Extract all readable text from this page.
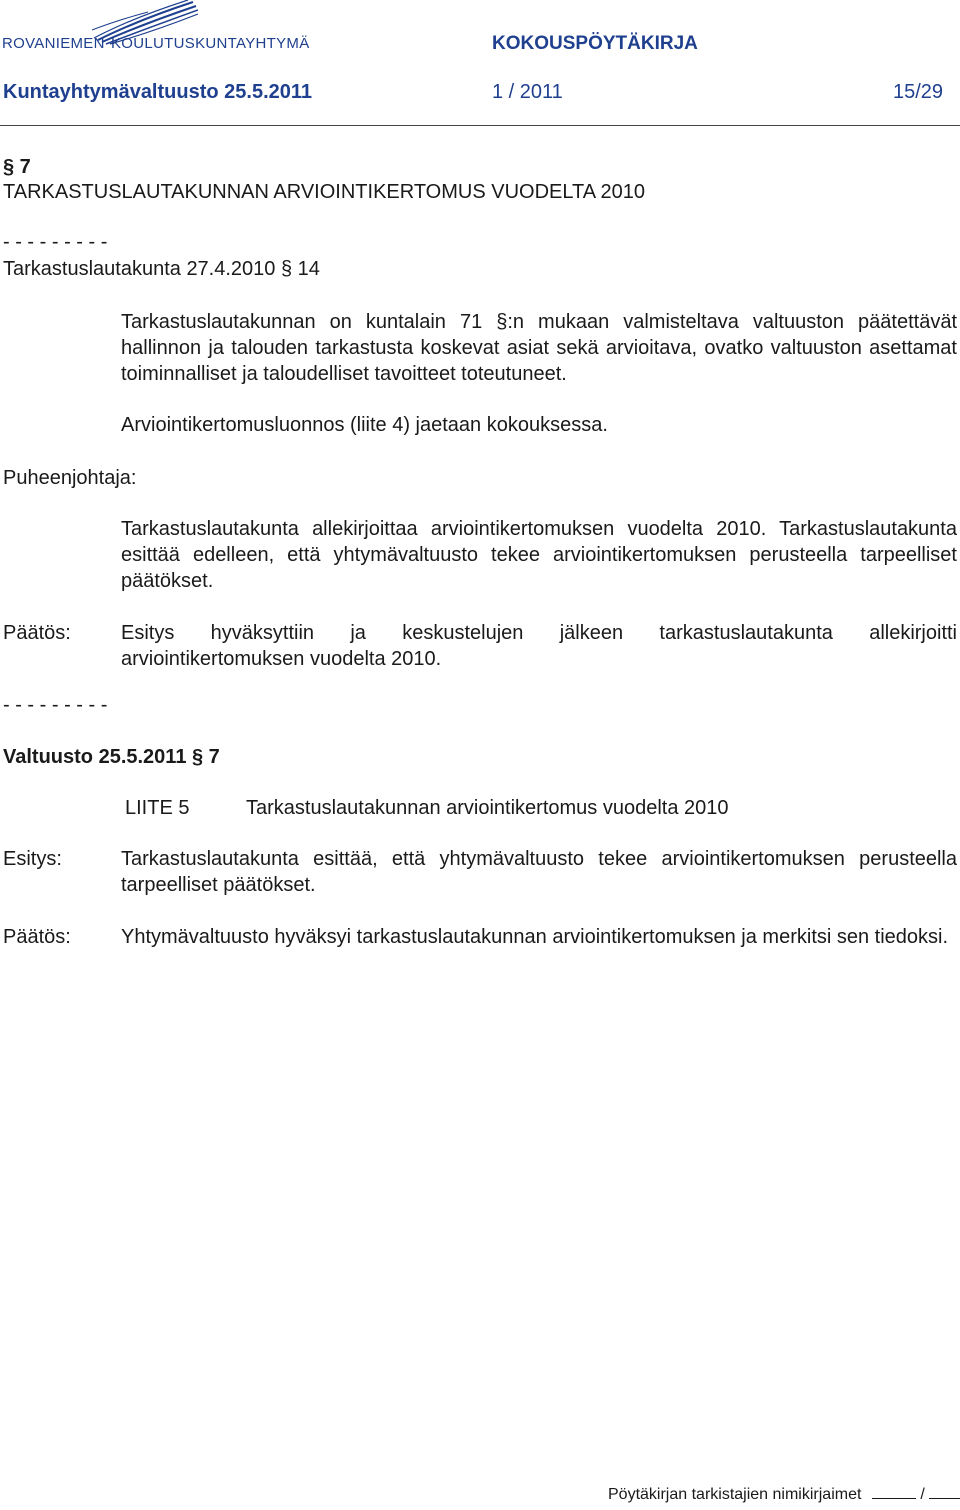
ROVANIEMEN KOULUTUSKUNTAYHTYMÄ	KOKOUSPÖYTÄKIRJA
Kuntayhtymävaltuusto 25.5.2011	1 / 2011	15/29
§ 7
TARKASTUSLAUTAKUNNAN ARVIOINTIKERTOMUS VUODELTA 2010
- - - - - - - - -
Tarkastuslautakunta 27.4.2010 § 14
Tarkastuslautakunnan on kuntalain 71 §:n mukaan valmisteltava valtuuston päätettävät hallinnon ja talouden tarkastusta koskevat asiat sekä arvioitava, ovatko valtuuston asettamat toiminnalliset ja taloudelliset tavoitteet toteutuneet.
Arviointikertomusluonnos (liite 4) jaetaan kokouksessa.
Puheenjohtaja:
Tarkastuslautakunta allekirjoittaa arviointikertomuksen vuodelta 2010. Tarkastuslautakunta esittää edelleen, että yhtymävaltuusto tekee arviointikertomuksen perusteella tarpeelliset päätökset.
Päätös:	Esitys hyväksyttiin ja keskustelujen jälkeen tarkastuslautakunta allekirjoitti arviointikertomuksen vuodelta 2010.
- - - - - - - - -
Valtuusto 25.5.2011 § 7
LIITE 5	Tarkastuslautakunnan arviointikertomus vuodelta 2010
Esitys:	Tarkastuslautakunta esittää, että yhtymävaltuusto tekee arviointikertomuksen perusteella tarpeelliset päätökset.
Päätös:	Yhtymävaltuusto hyväksyi tarkastuslautakunnan arviointikertomuksen ja merkitsi sen tiedoksi.
Pöytäkirjan tarkistajien nimikirjaimet	/
